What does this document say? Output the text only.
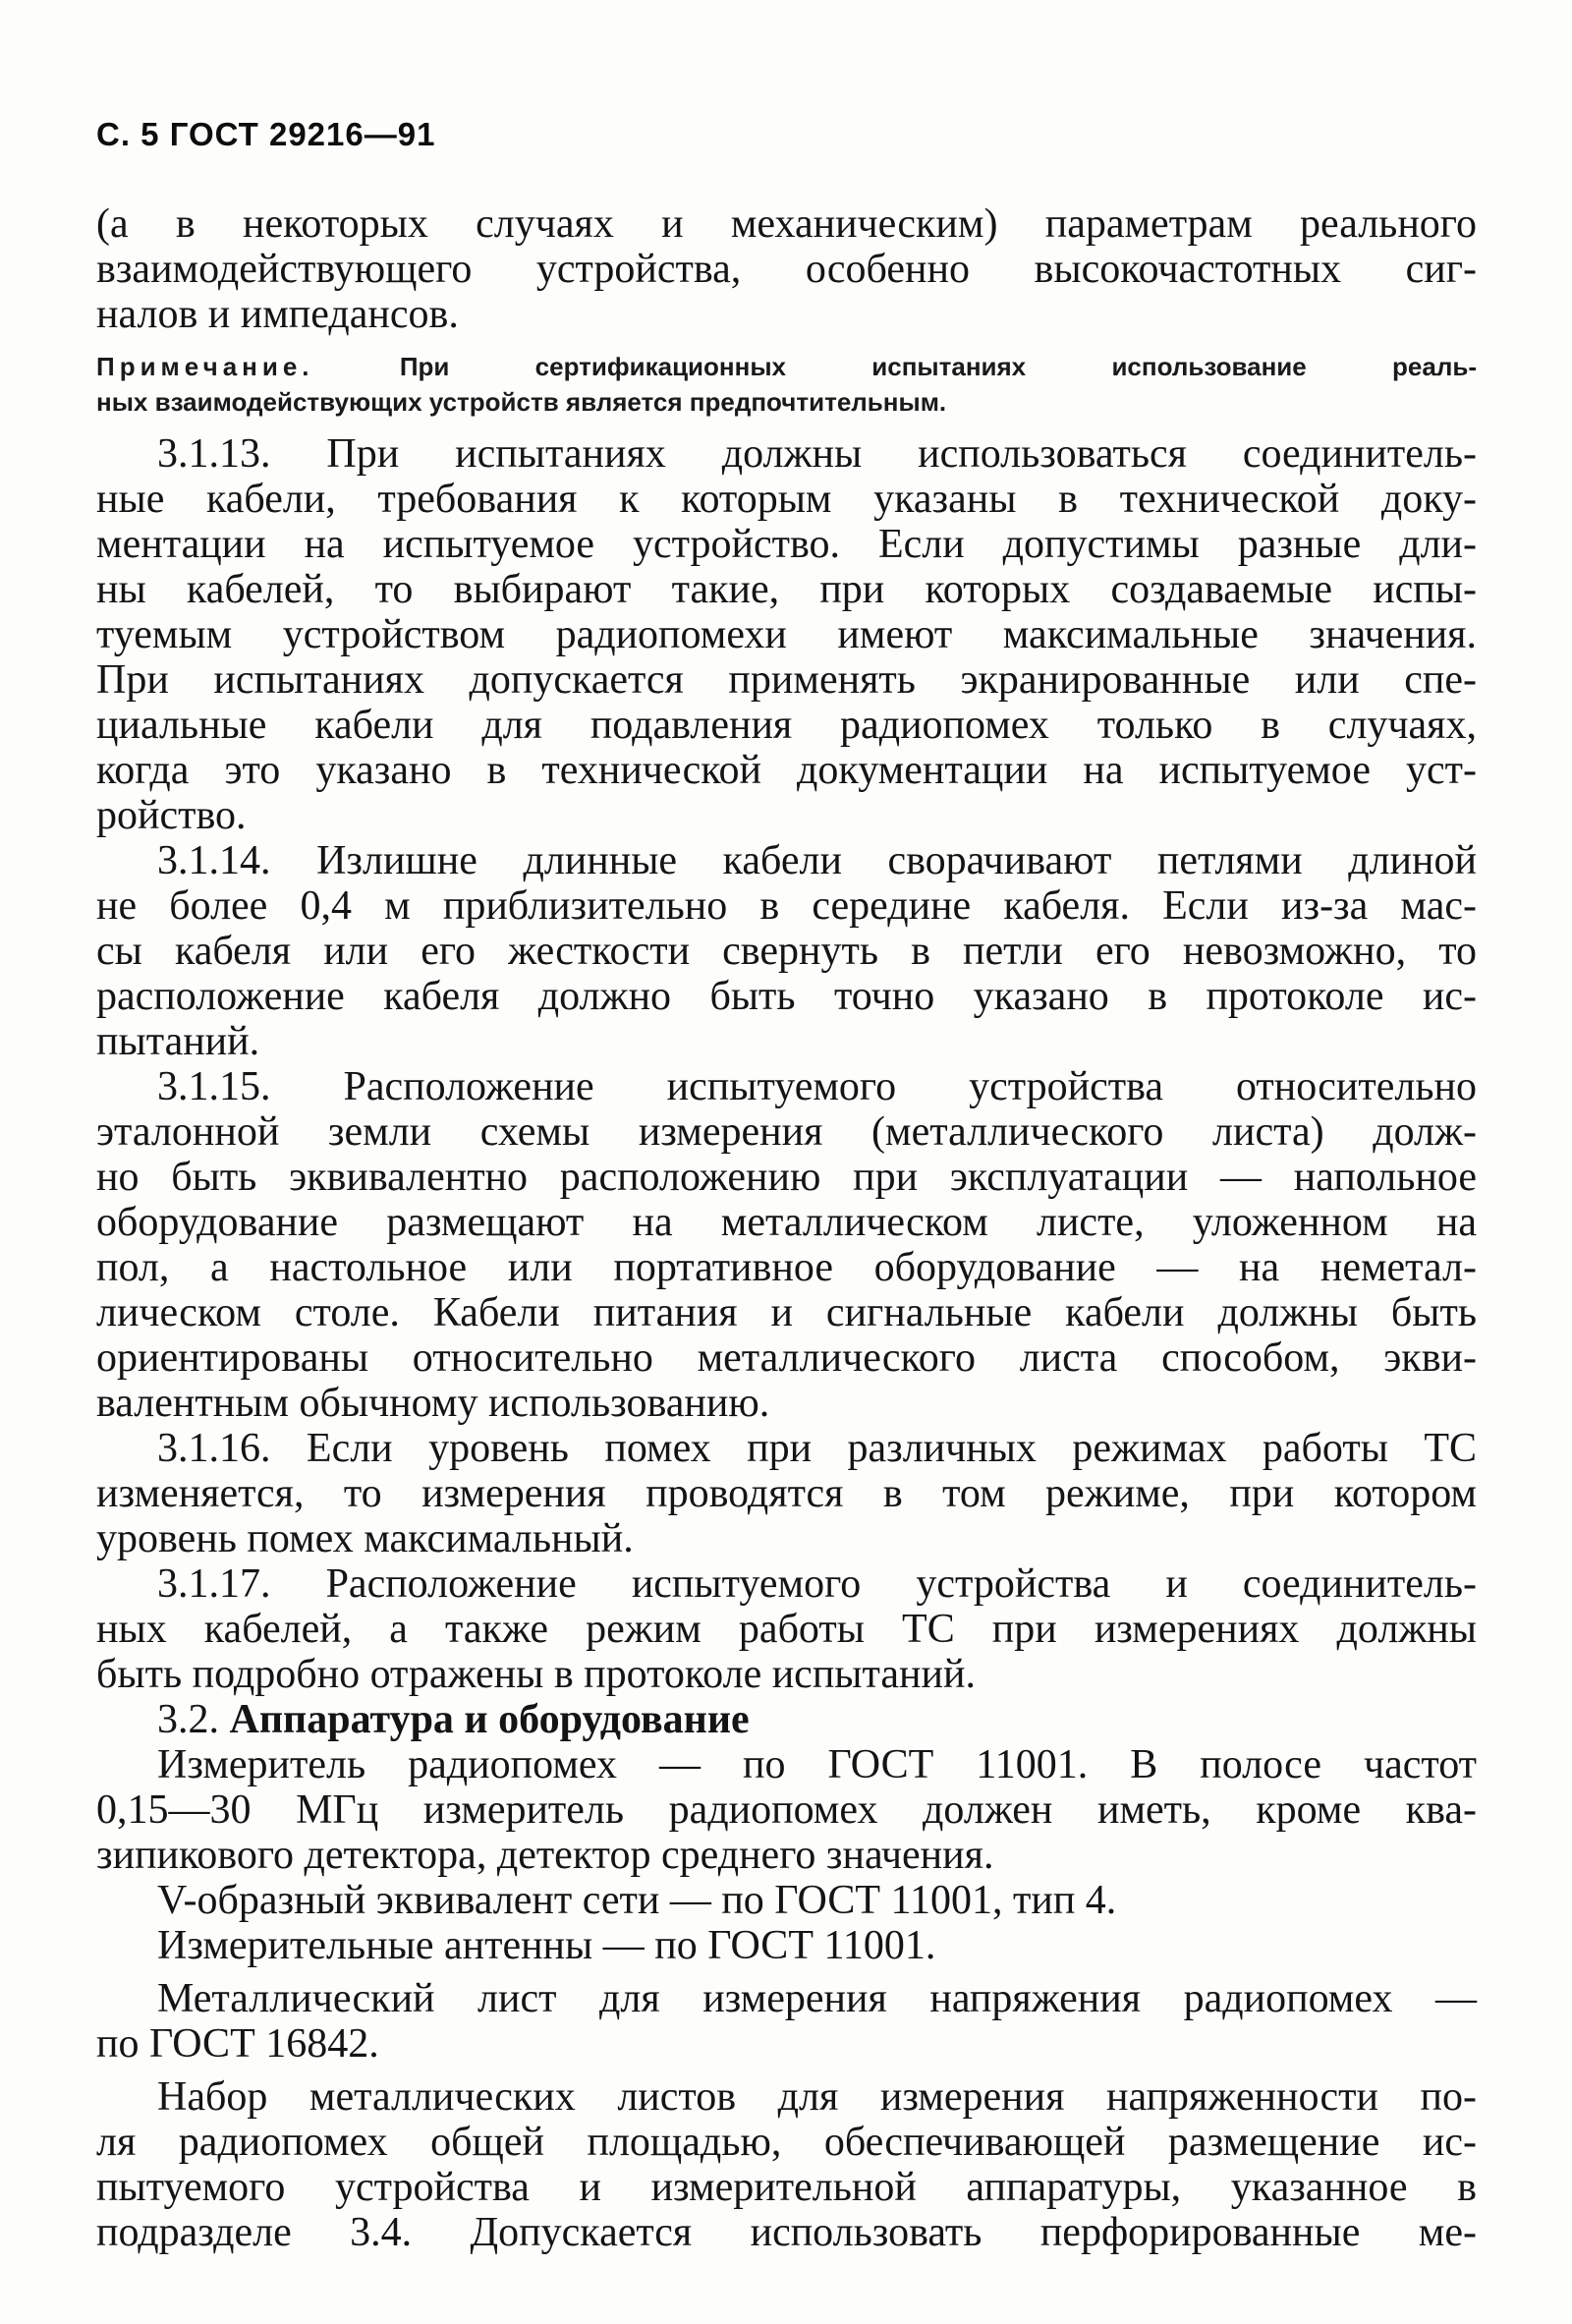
С. 5 ГОСТ 29216—91
(а в некоторых случаях и механическим) параметрам реального
взаимодействующего устройства, особенно высокочастотных сиг-
налов и импедансов.
Примечание. При сертификационных испытаниях использование реаль-
ных взаимодействующих устройств является предпочтительным.
3.1.13. При испытаниях должны использоваться соединитель-
ные кабели, требования к которым указаны в технической доку-
ментации на испытуемое устройство. Если допустимы разные дли-
ны кабелей, то выбирают такие, при которых создаваемые испы-
туемым устройством радиопомехи имеют максимальные значения.
При испытаниях допускается применять экранированные или спе-
циальные кабели для подавления радиопомех только в случаях,
когда это указано в технической документации на испытуемое уст-
ройство.
3.1.14. Излишне длинные кабели сворачивают петлями длиной
не более 0,4 м приблизительно в середине кабеля. Если из-за мас-
сы кабеля или его жесткости свернуть в петли его невозможно, то
расположение кабеля должно быть точно указано в протоколе ис-
пытаний.
3.1.15. Расположение испытуемого устройства относительно
эталонной земли схемы измерения (металлического листа) долж-
но быть эквивалентно расположению при эксплуатации — напольное
оборудование размещают на металлическом листе, уложенном на
пол, а настольное или портативное оборудование — на неметал-
лическом столе. Кабели питания и сигнальные кабели должны быть
ориентированы относительно металлического листа способом, экви-
валентным обычному использованию.
3.1.16. Если уровень помех при различных режимах работы ТС
изменяется, то измерения проводятся в том режиме, при котором
уровень помех максимальный.
3.1.17. Расположение испытуемого устройства и соединитель-
ных кабелей, а также режим работы ТС при измерениях должны
быть подробно отражены в протоколе испытаний.
3.2. Аппаратура и оборудование
Измеритель радиопомех — по ГОСТ 11001. В полосе частот
0,15—30 МГц измеритель радиопомех должен иметь, кроме ква-
зипикового детектора, детектор среднего значения.
V-образный эквивалент сети — по ГОСТ 11001, тип 4.
Измерительные антенны — по ГОСТ 11001.
Металлический лист для измерения напряжения радиопомех —
по ГОСТ 16842.
Набор металлических листов для измерения напряженности по-
ля радиопомех общей площадью, обеспечивающей размещение ис-
пытуемого устройства и измерительной аппаратуры, указанное в
подразделе 3.4. Допускается использовать перфорированные ме-
